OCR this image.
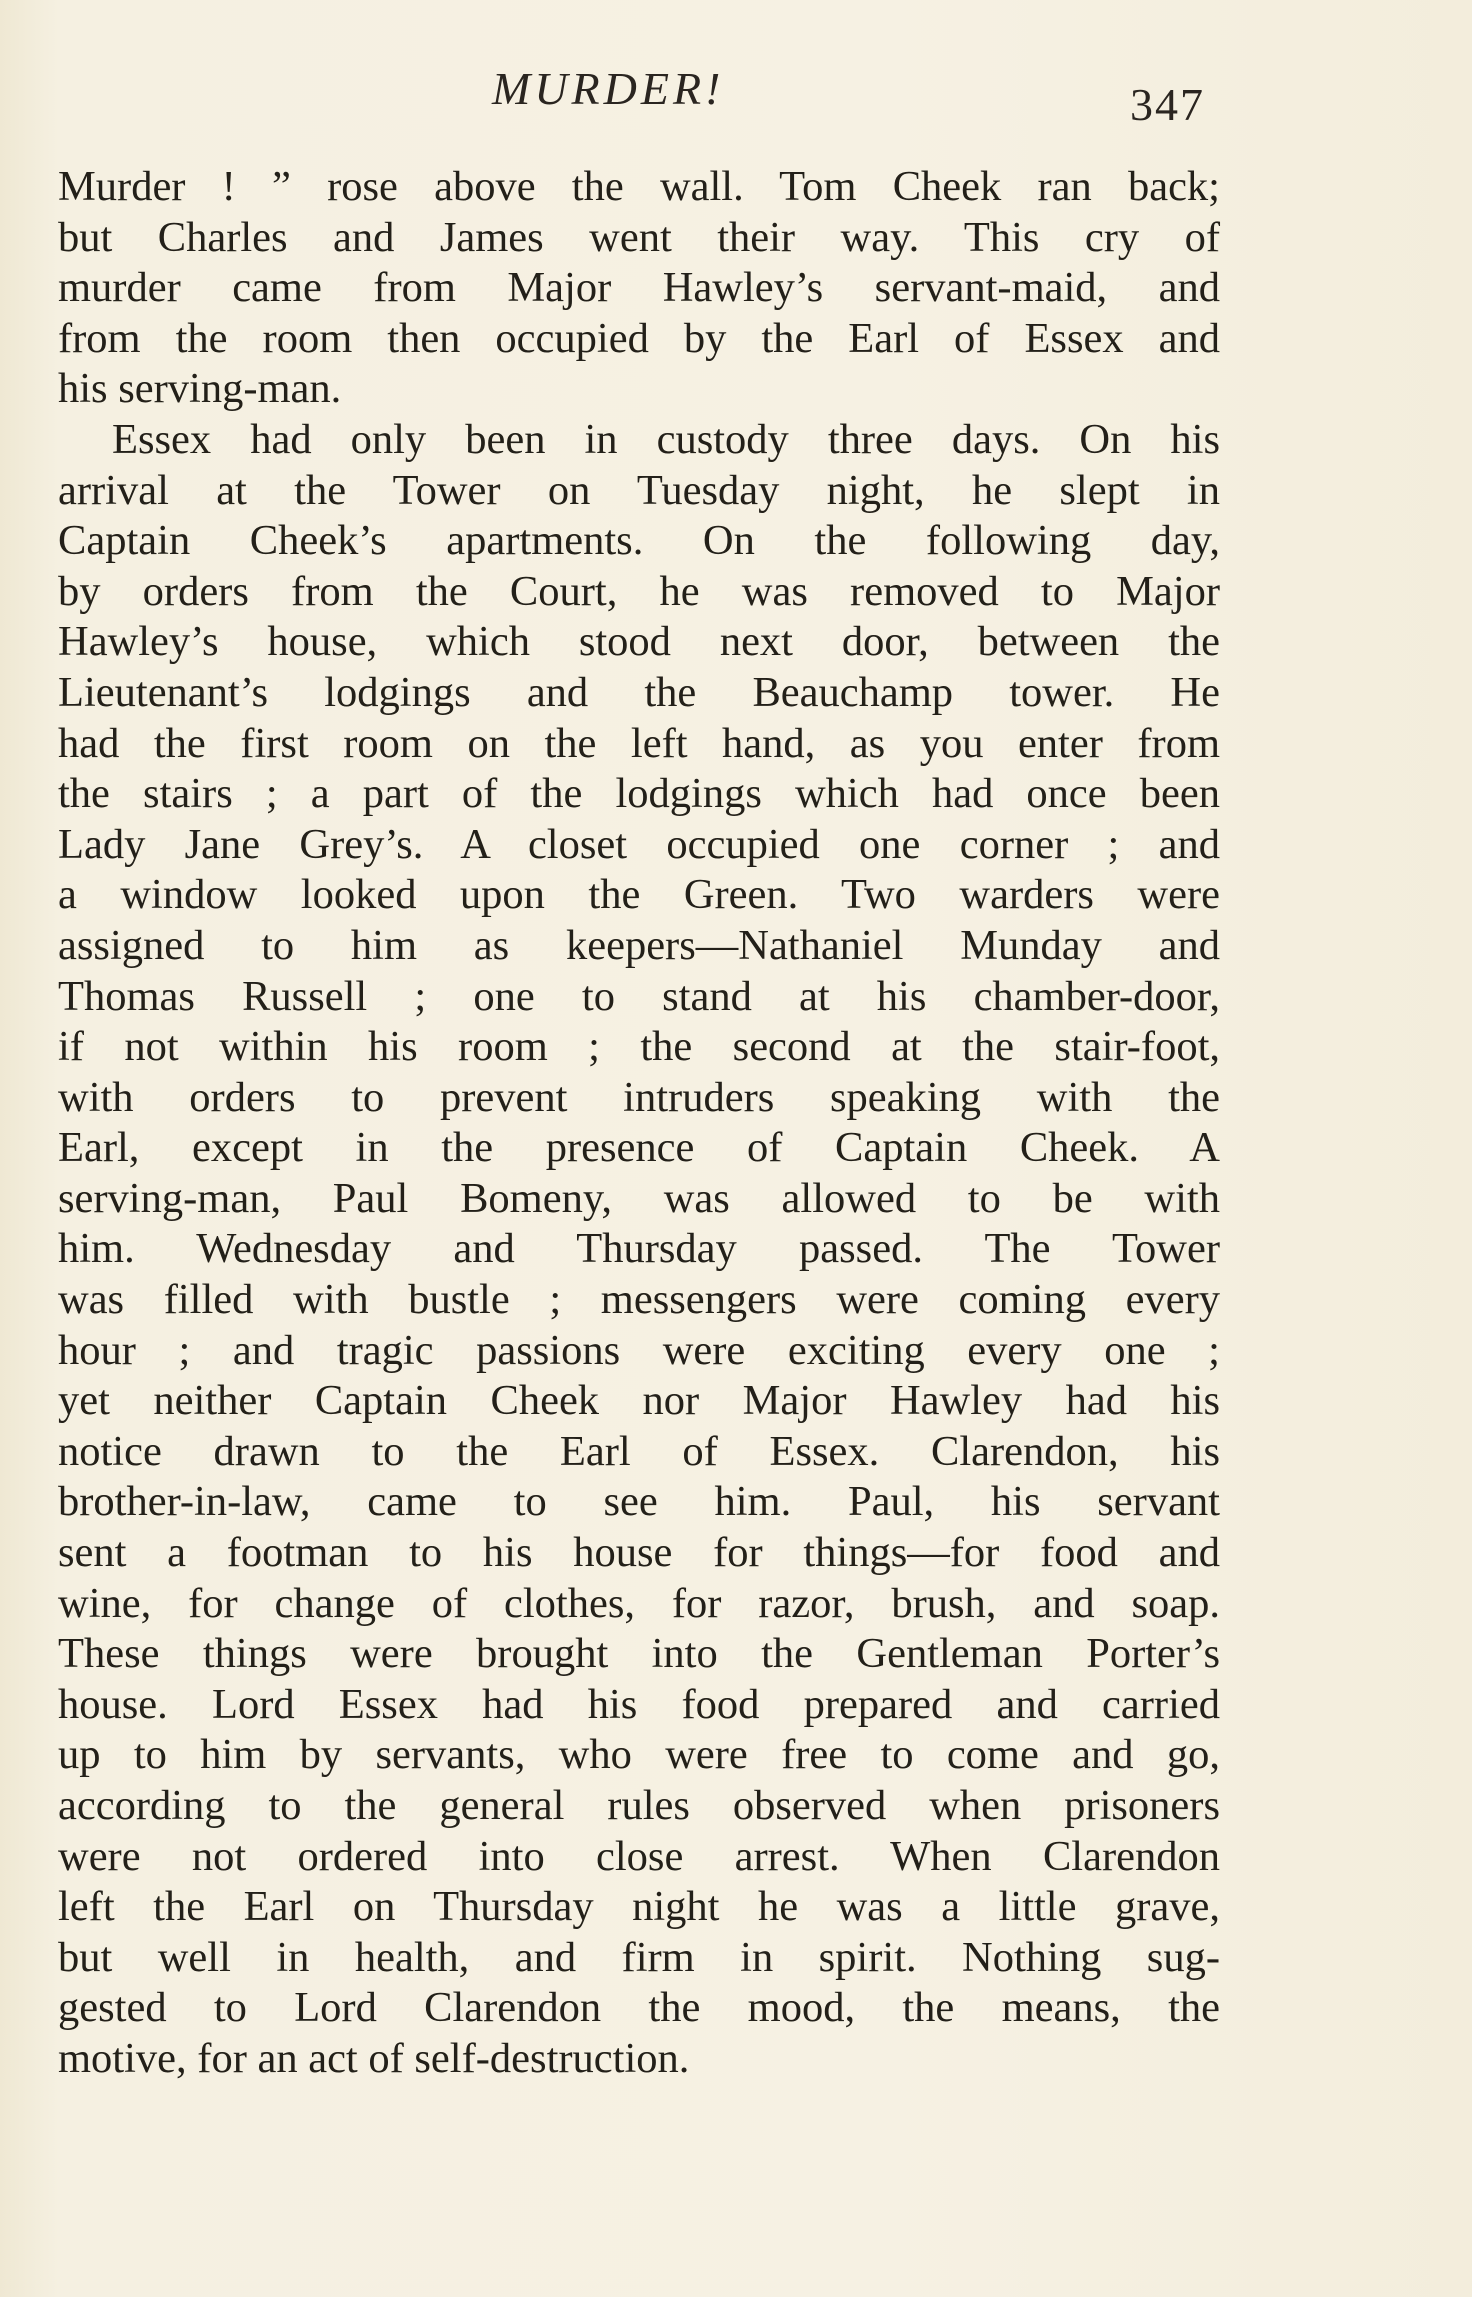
MURDER!	347
Murder ! ” rose above the wall. Tom Cheek ran back;
but Charles and James went their way. This cry of
murder came from Major Hawley’s servant-maid, and
from the room then occupied by the Earl of Essex and
his serving-man.
Essex had only been in custody three days. On his
arrival at the Tower on Tuesday night, he slept in
Captain Cheek’s apartments. On the following day,
by orders from the Court, he was removed to Major
Hawley’s house, which stood next door, between the
Lieutenant’s lodgings and the Beauchamp tower. He
had the first room on the left hand, as you enter from
the stairs ; a part of the lodgings which had once been
Lady Jane Grey’s. A closet occupied one corner ; and
a window looked upon the Green. Two warders were
assigned to him as keepers—Nathaniel Munday and
Thomas Russell ; one to stand at his chamber-door,
if not within his room ; the second at the stair-foot,
with orders to prevent intruders speaking with the
Earl, except in the presence of Captain Cheek. A
serving-man, Paul Bomeny, was allowed to be with
him. Wednesday and Thursday passed. The Tower
was filled with bustle ; messengers were coming every
hour ; and tragic passions were exciting every one ;
yet neither Captain Cheek nor Major Hawley had his
notice drawn to the Earl of Essex. Clarendon, his
brother-in-law, came to see him. Paul, his servant
sent a footman to his house for things—for food and
wine, for change of clothes, for razor, brush, and soap.
These things were brought into the Gentleman Porter’s
house. Lord Essex had his food prepared and carried
up to him by servants, who were free to come and go,
according to the general rules observed when prisoners
were not ordered into close arrest. When Clarendon
left the Earl on Thursday night he was a little grave,
but well in health, and firm in spirit. Nothing sug-
gested to Lord Clarendon the mood, the means, the
motive, for an act of self-destruction.
